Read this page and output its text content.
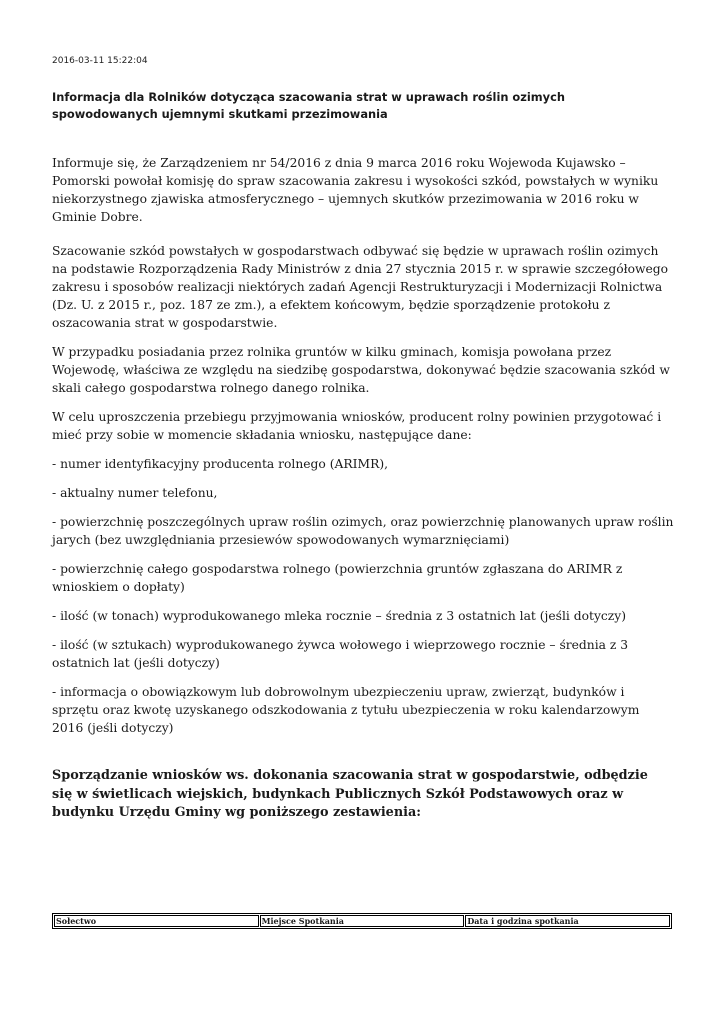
2016-03-11 15:22:04
Informacja dla Rolników dotycząca szacowania strat w uprawach roślin ozimych spowodowanych ujemnymi skutkami przezimowania

Informuje się, że Zarządzeniem nr 54/2016 z dnia 9 marca 2016 roku Wojewoda Kujawsko – Pomorski powołał komisję do spraw szacowania zakresu i wysokości szkód, powstałych w wyniku niekorzystnego zjawiska atmosferycznego – ujemnych skutków przezimowania w 2016 roku w Gminie Dobre.

Szacowanie szkód powstałych w gospodarstwach odbywać się będzie w uprawach roślin ozimych na podstawie Rozporządzenia Rady Ministrów z dnia 27 stycznia 2015 r. w sprawie szczegółowego zakresu i sposobów realizacji niektórych zadań Agencji Restrukturyzacji i Modernizacji Rolnictwa (Dz. U. z 2015 r., poz. 187 ze zm.), a efektem końcowym, będzie sporządzenie protokołu z oszacowania strat w gospodarstwie.

W przypadku posiadania przez rolnika gruntów w kilku gminach, komisja powołana przez Wojewodę, właściwa ze względu na siedzibę gospodarstwa, dokonywać będzie szacowania szkód w skali całego gospodarstwa rolnego danego rolnika.

W celu uproszczenia przebiegu przyjmowania wniosków, producent rolny powinien przygotować i mieć przy sobie w momencie składania wniosku, następujące dane:

- numer identyfikacyjny producenta rolnego (ARIMR),

- aktualny numer telefonu,

- powierzchnię poszczególnych upraw roślin ozimych, oraz powierzchnię planowanych upraw roślin jarych (bez uwzględniania przesiewów spowodowanych wymarznięciami)

- powierzchnię całego gospodarstwa rolnego (powierzchnia gruntów zgłaszana do ARIMR z wnioskiem o dopłaty)

- ilość (w tonach) wyprodukowanego mleka rocznie – średnia z 3 ostatnich lat (jeśli dotyczy)

- ilość (w sztukach) wyprodukowanego żywca wołowego i wieprzowego rocznie – średnia z 3 ostatnich lat (jeśli dotyczy)

- informacja o obowiązkowym lub dobrowolnym ubezpieczeniu upraw, zwierząt, budynków i sprzętu oraz kwotę uzyskanego odszkodowania z tytułu ubezpieczenia w roku kalendarzowym 2016 (jeśli dotyczy)

Sporządzanie wniosków ws. dokonania szacowania strat w gospodarstwie, odbędzie się w świetlicach wiejskich, budynkach Publicznych Szkół Podstawowych oraz w budynku Urzędu Gminy wg poniższego zestawienia:
Sołectwo	Miejsce Spotkania	Data i godzina spotkania
